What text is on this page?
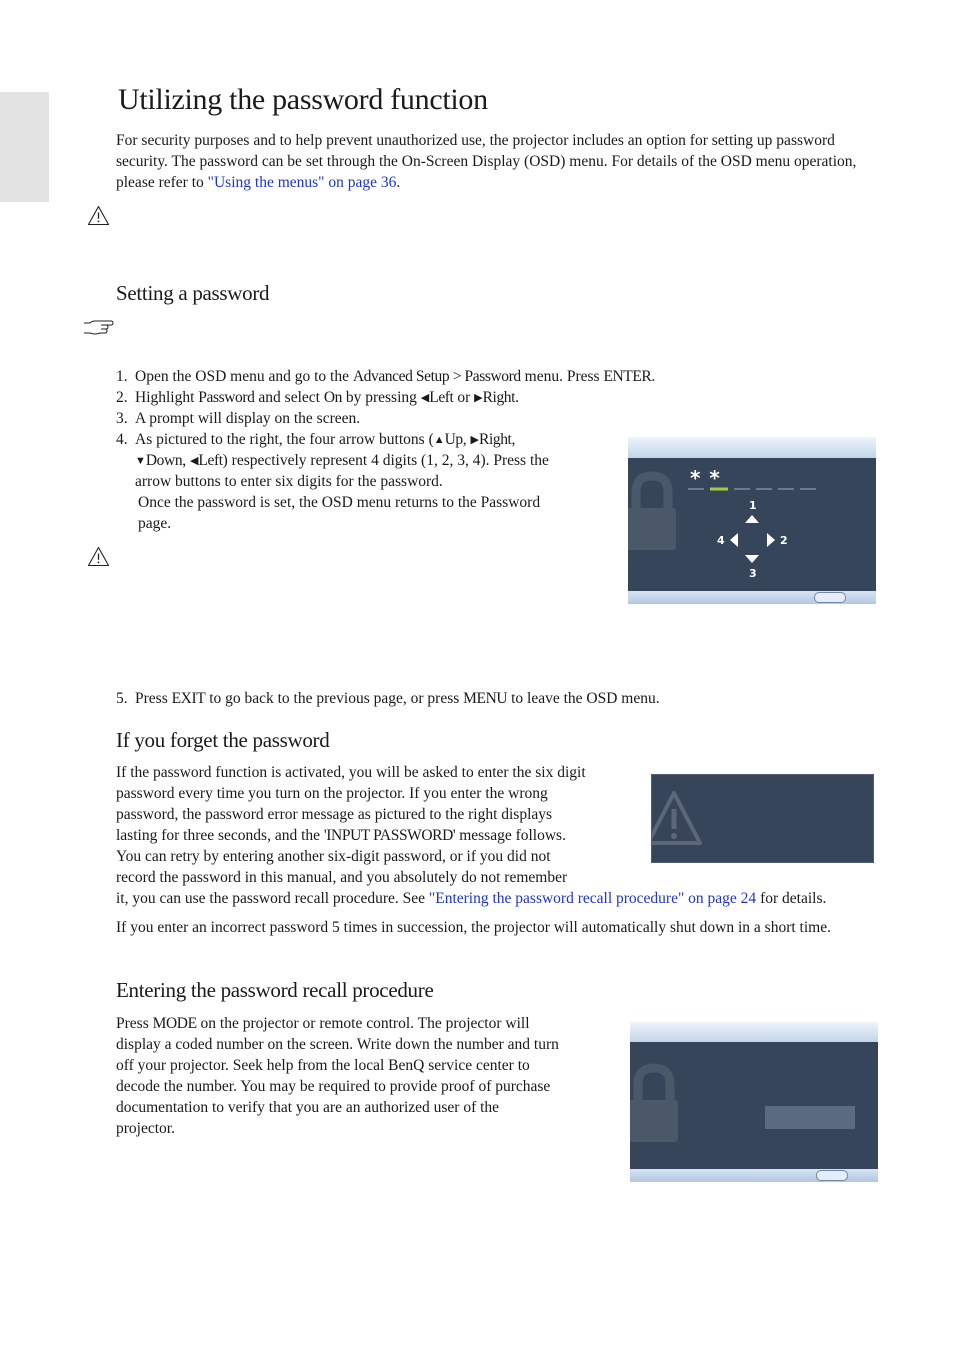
Utilizing the password function

For security purposes and to help prevent unauthorized use, the projector includes an option for setting up password security. The password can be set through the On-Screen Display (OSD) menu. For details of the OSD menu operation, please refer to "Using the menus" on page 36.

Setting a password
1. Open the OSD menu and go to the Advanced Setup > Password menu. Press ENTER.
2. Highlight Password and select On by pressing ◀Left or ▶Right.
3. A prompt will display on the screen.
4. As pictured to the right, the four arrow buttons (▲Up, ▶Right,
▼Down, ◀Left) respectively represent 4 digits (1, 2, 3, 4). Press the
arrow buttons to enter six digits for the password.
Once the password is set, the OSD menu returns to the Password
page.
* *
1
4	2
3
5. Press EXIT to go back to the previous page, or press MENU to leave the OSD menu.
If you forget the password
If the password function is activated, you will be asked to enter the six digit
password every time you turn on the projector. If you enter the wrong
password, the password error message as pictured to the right displays
lasting for three seconds, and the 'INPUT PASSWORD' message follows.
You can retry by entering another six-digit password, or if you did not
record the password in this manual, and you absolutely do not remember
it, you can use the password recall procedure. See "Entering the password recall procedure" on page 24 for details.

If you enter an incorrect password 5 times in succession, the projector will automatically shut down in a short time.

Entering the password recall procedure
Press MODE on the projector or remote control. The projector will
display a coded number on the screen. Write down the number and turn
off your projector. Seek help from the local BenQ service center to
decode the number. You may be required to provide proof of purchase
documentation to verify that you are an authorized user of the
projector.
